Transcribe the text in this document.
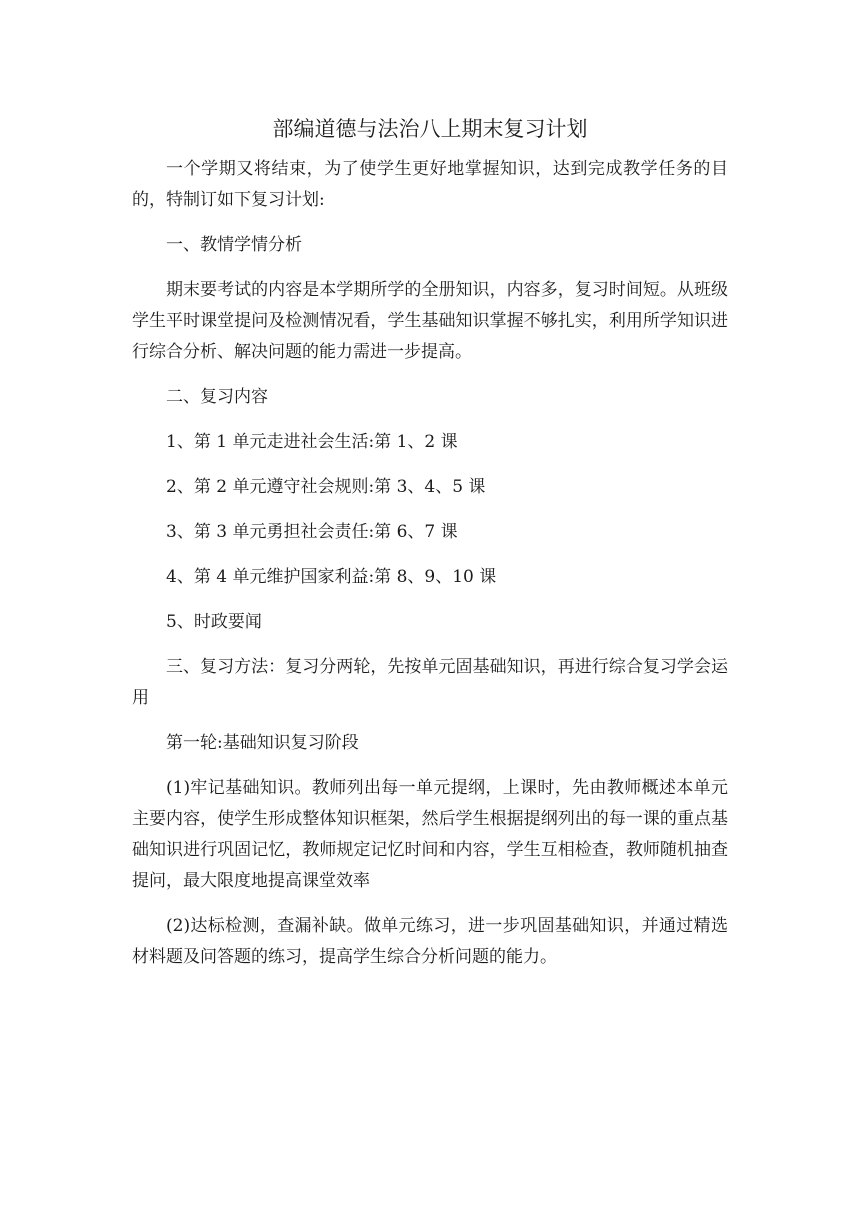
部编道德与法治八上期末复习计划

一个学期又将结束，为了使学生更好地掌握知识，达到完成教学任务的目的，特制订如下复习计划:

一、教情学情分析

期末要考试的内容是本学期所学的全册知识，内容多，复习时间短。从班级学生平时课堂提问及检测情况看，学生基础知识掌握不够扎实，利用所学知识进行综合分析、解决问题的能力需进一步提高。

二、复习内容

1、第 1 单元走进社会生活:第 1、2 课

2、第 2 单元遵守社会规则:第 3、4、5 课

3、第 3 单元勇担社会责任:第 6、7 课

4、第 4 单元维护国家利益:第 8、9、10 课

5、时政要闻

三、复习方法：复习分两轮，先按单元固基础知识，再进行综合复习学会运用

第一轮:基础知识复习阶段

(1)牢记基础知识。教师列出每一单元提纲，上课时，先由教师概述本单元主要内容，使学生形成整体知识框架，然后学生根据提纲列出的每一课的重点基础知识进行巩固记忆，教师规定记忆时间和内容，学生互相检查，教师随机抽查提问，最大限度地提高课堂效率

(2)达标检测，查漏补缺。做单元练习，进一步巩固基础知识，并通过精选材料题及问答题的练习，提高学生综合分析问题的能力。
